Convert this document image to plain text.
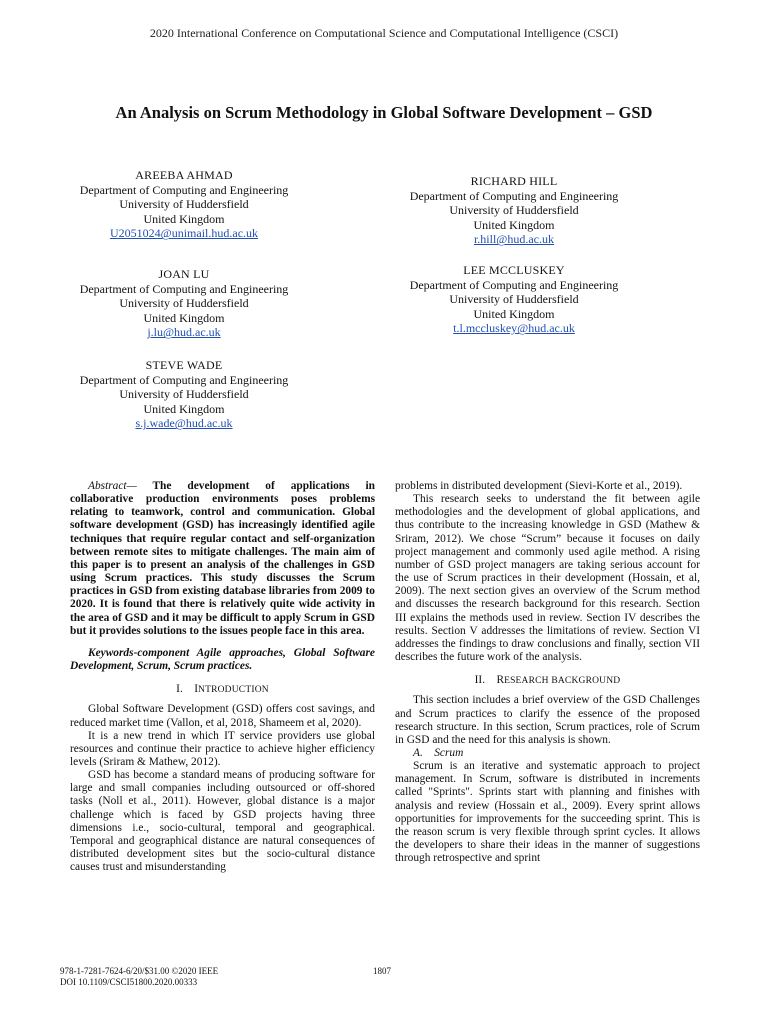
2020 International Conference on Computational Science and Computational Intelligence (CSCI)
An Analysis on Scrum Methodology in Global Software Development – GSD
AREEBA AHMAD
Department of Computing and Engineering
University of Huddersfield
United Kingdom
U2051024@unimail.hud.ac.uk
RICHARD HILL
Department of Computing and Engineering
University of Huddersfield
United Kingdom
r.hill@hud.ac.uk
JOAN LU
Department of Computing and Engineering
University of Huddersfield
United Kingdom
j.lu@hud.ac.uk
LEE MCCLUSKEY
Department of Computing and Engineering
University of Huddersfield
United Kingdom
t.l.mccluskey@hud.ac.uk
STEVE WADE
Department of Computing and Engineering
University of Huddersfield
United Kingdom
s.j.wade@hud.ac.uk

Abstract— The development of applications in collaborative production environments poses problems relating to teamwork, control and communication. Global software development (GSD) has increasingly identified agile techniques that require regular contact and self-organization between remote sites to mitigate challenges. The main aim of this paper is to present an analysis of the challenges in GSD using Scrum practices. This study discusses the Scrum practices in GSD from existing database libraries from 2009 to 2020. It is found that there is relatively quite wide activity in the area of GSD and it may be difficult to apply Scrum in GSD but it provides solutions to the issues people face in this area.

Keywords-component Agile approaches, Global Software Development, Scrum, Scrum practices.

I. INTRODUCTION

Global Software Development (GSD) offers cost savings, and reduced market time (Vallon, et al, 2018, Shameem et al, 2020).

It is a new trend in which IT service providers use global resources and continue their practice to achieve higher efficiency levels (Sriram & Mathew, 2012).

GSD has become a standard means of producing software for large and small companies including outsourced or off-shored tasks (Noll et al., 2011). However, global distance is a major challenge which is faced by GSD projects having three dimensions i.e., socio-cultural, temporal and geographical. Temporal and geographical distance are natural consequences of distributed development sites but the socio-cultural distance causes trust and misunderstanding

problems in distributed development (Sievi-Korte et al., 2019).

This research seeks to understand the fit between agile methodologies and the development of global applications, and thus contribute to the increasing knowledge in GSD (Mathew & Sriram, 2012). We chose “Scrum” because it focuses on daily project management and commonly used agile method. A rising number of GSD project managers are taking serious account for the use of Scrum practices in their development (Hossain, et al, 2009). The next section gives an overview of the Scrum method and discusses the research background for this research. Section III explains the methods used in review. Section IV describes the results. Section V addresses the limitations of review. Section VI addresses the findings to draw conclusions and finally, section VII describes the future work of the analysis.

II. RESEARCH BACKGROUND

This section includes a brief overview of the GSD Challenges and Scrum practices to clarify the essence of the proposed research structure. In this section, Scrum practices, role of Scrum in GSD and the need for this analysis is shown.

A. Scrum

Scrum is an iterative and systematic approach to project management. In Scrum, software is distributed in increments called "Sprints". Sprints start with planning and finishes with analysis and review (Hossain et al., 2009). Every sprint allows opportunities for improvements for the succeeding sprint. This is the reason scrum is very flexible through sprint cycles. It allows the developers to share their ideas in the manner of suggestions through retrospective and sprint

978-1-7281-7624-6/20/$31.00 ©2020 IEEE
DOI 10.1109/CSCI51800.2020.00333
1807
